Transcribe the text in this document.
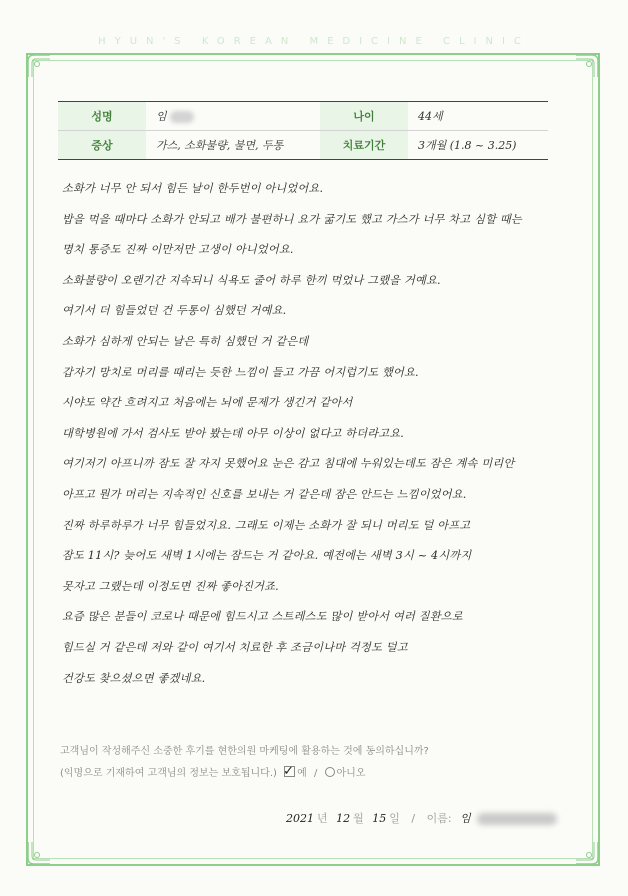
HYUN'S KOREAN MEDICINE CLINIC
성명	임	나이	44세
증상	가스, 소화불량, 불면, 두통	치료기간	3개월 (1.8 ~ 3.25)
소화가 너무 안 되서 힘든 날이 한두번이 아니었어요.
밥을 먹을 때마다 소화가 안되고 배가 불편하니 요가 굶기도 했고 가스가 너무 차고 심할 때는
명치 통증도 진짜 이만저만 고생이 아니었어요.
소화불량이 오랜기간 지속되니 식욕도 줄어 하루 한끼 먹었나 그랬을 거예요.
여기서 더 힘들었던 건 두통이 심했던 거예요.
소화가 심하게 안되는 날은 특히 심했던 거 같은데
갑자기 망치로 머리를 때리는 듯한 느낌이 들고 가끔 어지럽기도 했어요.
시야도 약간 흐려지고 처음에는 뇌에 문제가 생긴거 같아서
대학병원에 가서 검사도 받아 봤는데 아무 이상이 없다고 하더라고요.
여기저기 아프니까 잠도 잘 자지 못했어요 눈은 감고 침대에 누워있는데도 잠은 계속 미리안
아프고 뭔가 머리는 지속적인 신호를 보내는 거 같은데 잠은 안드는 느낌이었어요.
진짜 하루하루가 너무 힘들었지요. 그래도 이제는 소화가 잘 되니 머리도 덜 아프고
잠도 11시? 늦어도 새벽 1시에는 잠드는 거 같아요. 예전에는 새벽 3시 ~ 4시까지
못자고 그랬는데 이정도면 진짜 좋아진거죠.
요즘 많은 분들이 코로나 때문에 힘드시고 스트레스도 많이 받아서 여러 질환으로
힘드실 거 같은데 저와 같이 여기서 치료한 후 조금이나마 걱정도 덜고
건강도 찾으셨으면 좋겠네요.
고객님이 작성해주신 소중한 후기를 현한의원 마케팅에 활용하는 것에 동의하십니까?
(익명으로 기재하여 고객님의 정보는 보호됩니다.) ✓ 예 / 아니오
2021 년 12 월 15 일 / 이름: 임
